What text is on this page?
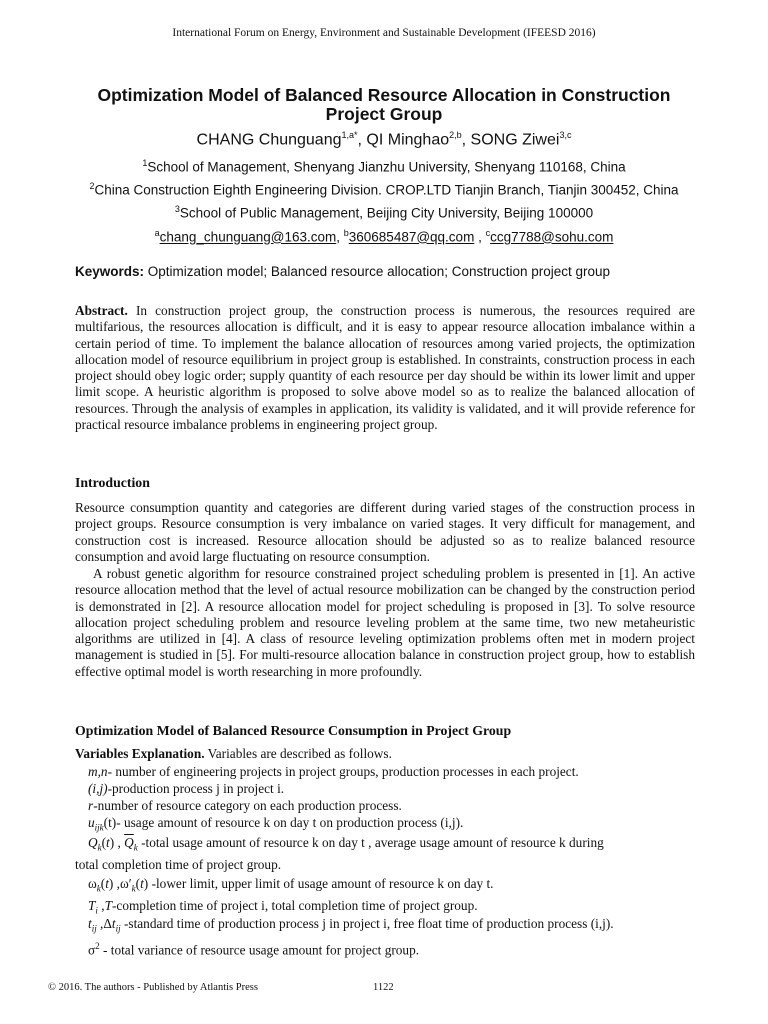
International Forum on Energy, Environment and Sustainable Development (IFEESD 2016)
Optimization Model of Balanced Resource Allocation in Construction Project Group
CHANG Chunguang$^{1,a*}$, QI Minghao$^{2,b}$, SONG Ziwei$^{3,c}$
$^1$School of Management, Shenyang Jianzhu University, Shenyang 110168, China
$^2$China Construction Eighth Engineering Division. CROP.LTD Tianjin Branch, Tianjin 300452, China
$^3$School of Public Management, Beijing City University, Beijing 100000
$^a$chang_chunguang@163.com, $^b$360685487@qq.com , $^c$ccg7788@sohu.com
Keywords: Optimization model; Balanced resource allocation; Construction project group
Abstract. In construction project group, the construction process is numerous, the resources required are multifarious, the resources allocation is difficult, and it is easy to appear resource allocation imbalance within a certain period of time. To implement the balance allocation of resources among varied projects, the optimization allocation model of resource equilibrium in project group is established. In constraints, construction process in each project should obey logic order; supply quantity of each resource per day should be within its lower limit and upper limit scope. A heuristic algorithm is proposed to solve above model so as to realize the balanced allocation of resources. Through the analysis of examples in application, its validity is validated, and it will provide reference for practical resource imbalance problems in engineering project group.
Introduction
Resource consumption quantity and categories are different during varied stages of the construction process in project groups. Resource consumption is very imbalance on varied stages. It very difficult for management, and construction cost is increased. Resource allocation should be adjusted so as to realize balanced resource consumption and avoid large fluctuating on resource consumption.
A robust genetic algorithm for resource constrained project scheduling problem is presented in [1]. An active resource allocation method that the level of actual resource mobilization can be changed by the construction period is demonstrated in [2]. A resource allocation model for project scheduling is proposed in [3]. To solve resource allocation project scheduling problem and resource leveling problem at the same time, two new metaheuristic algorithms are utilized in [4]. A class of resource leveling optimization problems often met in modern project management is studied in [5]. For multi-resource allocation balance in construction project group, how to establish effective optimal model is worth researching in more profoundly.
Optimization Model of Balanced Resource Consumption in Project Group
Variables Explanation. Variables are described as follows.
m,n- number of engineering projects in project groups, production processes in each project.
(i,j)-production process j in project i.
r-number of resource category on each production process.
$u_{ijk}(t)-$ usage amount of resource k on day t on production process (i,j).
$Q_k(t)$ , $\overline{Q}_k$ -total usage amount of resource k on day t , average usage amount of resource k during
total completion time of project group.
$\omega_k(t)$ $,\omega'_k(t)$ -lower limit, upper limit of usage amount of resource k on day t.
$T_i$ ,T-completion time of project i, total completion time of project group.
$t_{ij}$ $,\Delta t_{ij}$ -standard time of production process j in project i, free float time of production process (i,j).
$\sigma^2$ - total variance of resource usage amount for project group.
© 2016. The authors - Published by Atlantis Press	1122
